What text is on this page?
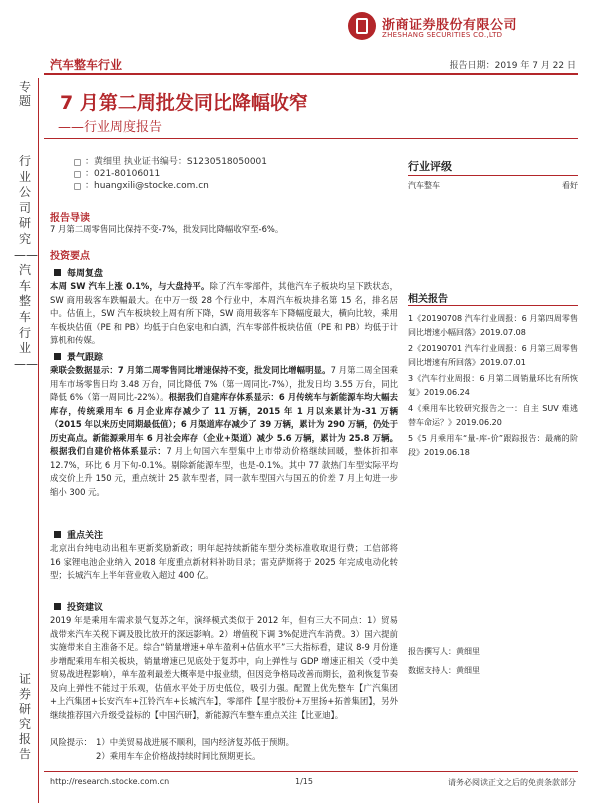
浙商证券股份有限公司
ZHESHANG SECURITIES CO.,LTD
汽车整车行业	报告日期：2019 年 7 月 22 日
专题
行业公司研究——汽车整车行业——
证券研究报告
7 月第二周批发同比降幅收窄
——行业周度报告
：黄细里 执业证书编号：S1230518050001
：021-80106011
：huangxili@stocke.com.cn
行业评级
汽车整车	看好
相关报告
1《20190708 汽车行业周报：6 月第四周零售同比增速小幅回落》2019.07.08
2《20190701 汽车行业周报：6 月第三周零售同比增速有所回落》2019.07.01
3《汽车行业周报：6 月第二周销量环比有所恢复》2019.06.24
4《乘用车比较研究报告之一：自主 SUV 难逃替车命运？》2019.06.20
5《5 月乘用车“量-库-价”跟踪报告：最痛的阶段》2019.06.18
报告撰写人：黄细里
数据支持人：黄细里
报告导读
7 月第二周零售同比保持不变-7%，批发同比降幅收窄至-6%。
投资要点
每周复盘
本周 SW 汽车上涨 0.1%，与大盘持平。除了汽车零部件，其他汽车子板块均呈下跌状态，SW 商用载客车跌幅最大。在中万一级 28 个行业中，本周汽车板块排名第 15 名，排名居中。估值上，SW 汽车板块较上周有所下降，SW 商用载客车下降幅度最大，横向比较，乘用车板块估值（PE 和 PB）均低于白色家电和白酒，汽车零部件板块估值（PE 和 PB）均低于计算机和传媒。
景气跟踪
乘联会数据显示：7 月第二周零售同比增速保持不变，批发同比增幅明显。7 月第二周全国乘用车市场零售日均 3.48 万台，同比降低 7%（第一周同比-7%），批发日均 3.55 万台，同比降低 6%（第一周同比-22%）。根据我们自建库存体系显示：6 月传统车与新能源车均大幅去库存，传统乘用车 6 月企业库存减少了 11 万辆，2015 年 1 月以来累计为-31 万辆（2015 年以来历史同期最低值）；6 月渠道库存减少了 39 万辆，累计为 290 万辆，仍处于历史高点。新能源乘用车 6 月社会库存（企业+渠道）减少 5.6 万辆，累计为 25.8 万辆。根据我们自建价格体系显示：7 月上旬国六车型集中上市带动价格继续回暖，整体折扣率 12.7%，环比 6 月下旬-0.1%。剔除新能源车型，也是-0.1%。其中 77 款热门车型实际平均成交价上升 150 元，重点统计 25 款车型者，同一款车型国六与国五的价差 7 月上旬进一步缩小 300 元。
重点关注
北京出台纯电动出租车更新奖励新政；明年起持续新能车型分类标准收取退行费；工信部将 16 家锂电池企业纳入 2018 年度重点新材料补助目录；雷克萨斯将于 2025 年完成电动化转型；长城汽车上半年营业收入超过 400 亿。
投资建议
2019 年是乘用车需求景气复苏之年，演绎模式类似于 2012 年，但有三大不同点：1）贸易战带来汽车关税下调及股比放开的深远影响。2）增值税下调 3%促进汽车消费。3）国六提前实施带来自主准备不足。综合“销量增速+单车盈利+估值水平”三大指标看，建议 8-9 月份逢步增配乘用车相关板块，销量增速已见底处于复苏中，向上弹性与 GDP 增速正相关（受中美贸易战进程影响），单车盈利最差大概率是中报业绩，但因竞争格局改善而期长，盈利恢复节奏及向上弹性不能过于乐观，估值水平处于历史低位，吸引力强。配置上优先整车【广汽集团+上汽集团+长安汽车+江铃汽车+长城汽车】，零部件【星宇股份+万里扬+拓普集团】，另外继续推荐国六升级受益标的【中国汽研】，新能源汽车整车重点关注【比亚迪】。
风险提示： 1）中美贸易战进展不顺利，国内经济复苏低于预期。
2）乘用车车企价格战持续时间比预期更长。
http://research.stocke.com.cn	1/15	请务必阅读正文之后的免责条款部分
